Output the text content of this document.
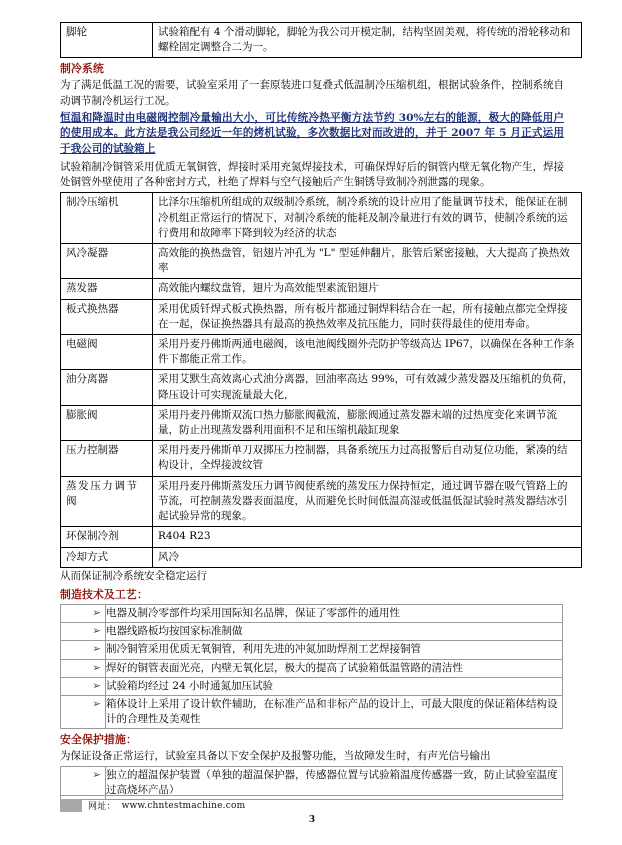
脚轮	试验箱配有 4 个滑动脚轮，脚轮为我公司开模定制，结构坚固美观，将传统的滑轮移动和螺栓固定调整合二为一。
制冷系统

为了满足低温工况的需要，试验室采用了一套原装进口复叠式低温制冷压缩机组，根据试验条件，控制系统自动调节制冷机运行工况。

恒温和降温时由电磁阀控制冷量输出大小，可比传统冷热平衡方法节约 30%左右的能源，极大的降低用户的使用成本。此方法是我公司经近一年的烤机试验，多次数据比对而改进的，并于 2007 年 5 月正式运用于我公司的试验箱上

试验箱制冷铜管采用优质无氧铜管，焊接时采用充氮焊接技术，可确保焊好后的铜管内壁无氧化物产生，焊接处铜管外壁使用了各种密封方式，杜绝了焊料与空气接触后产生铜锈导致制冷剂泄露的现象。

制冷压缩机	比泽尔压缩机所组成的双级制冷系统，制冷系统的设计应用了能量调节技术，能保证在制冷机组正常运行的情况下，对制冷系统的能耗及制冷量进行有效的调节，使制冷系统的运行费用和故障率下降到较为经济的状态
风冷凝器	高效能的换热盘管，铝翅片冲孔为 "L" 型延伸翻片，胀管后紧密接触，大大提高了换热效率
蒸发器	高效能内螺纹盘管，翅片为高效能型素流铝翅片
板式换热器	采用优质钎焊式板式换热器，所有板片都通过铜焊料结合在一起，所有接触点都完全焊接在一起，保证换热器具有最高的换热效率及抗压能力，同时获得最佳的使用寿命。
电磁阀	采用丹麦丹佛斯两通电磁阀，该电池阀线圈外壳防护等级高达 IP67，以确保在各种工作条件下都能正常工作。
油分离器	采用艾默生高效离心式油分离器，回油率高达 99%，可有效减少蒸发器及压缩机的负荷，降压设计可实现流量最大化，
膨胀阀	采用丹麦丹佛斯双流口热力膨胀阀截流，膨胀阀通过蒸发器末端的过热度变化来调节流量，防止出现蒸发器利用面积不足和压缩机敲缸现象
压力控制器	采用丹麦丹佛斯单刀双掷压力控制器，具备系统压力过高报警后自动复位功能，紧凑的结构设计，全焊接波纹管
蒸发压力调节阀	采用丹麦丹佛斯蒸发压力调节阀使系统的蒸发压力保持恒定，通过调节器在吸气管路上的节流，可控制蒸发器表面温度，从而避免长时间低温高湿或低温低湿试验时蒸发器结冰引起试验异常的现象。
环保制冷剂	R404 R23
冷却方式	风冷

从而保证制冷系统安全稳定运行

制造技术及工艺：
➢	电器及制冷零部件均采用国际知名品牌，保证了零部件的通用性
➢	电器线路板均按国家标准制做
➢	制冷铜管采用优质无氧铜管，利用先进的冲氮加助焊剂工艺焊接铜管
➢	焊好的铜管表面光亮，内壁无氧化层，极大的提高了试验箱低温管路的清洁性
➢	试验箱均经过 24 小时通氮加压试验
➢	箱体设计上采用了设计软件辅助，在标准产品和非标产品的设计上，可最大限度的保证箱体结构设计的合理性及美观性
安全保护措施：

为保证设备正常运行，试验室具备以下安全保护及报警功能，当故障发生时，有声光信号输出

➢	独立的超温保护装置（单独的超温保护器，传感器位置与试验箱温度传感器一致，防止试验室温度过高烧坏产品）
网址： www.chntestmachine.com
3
